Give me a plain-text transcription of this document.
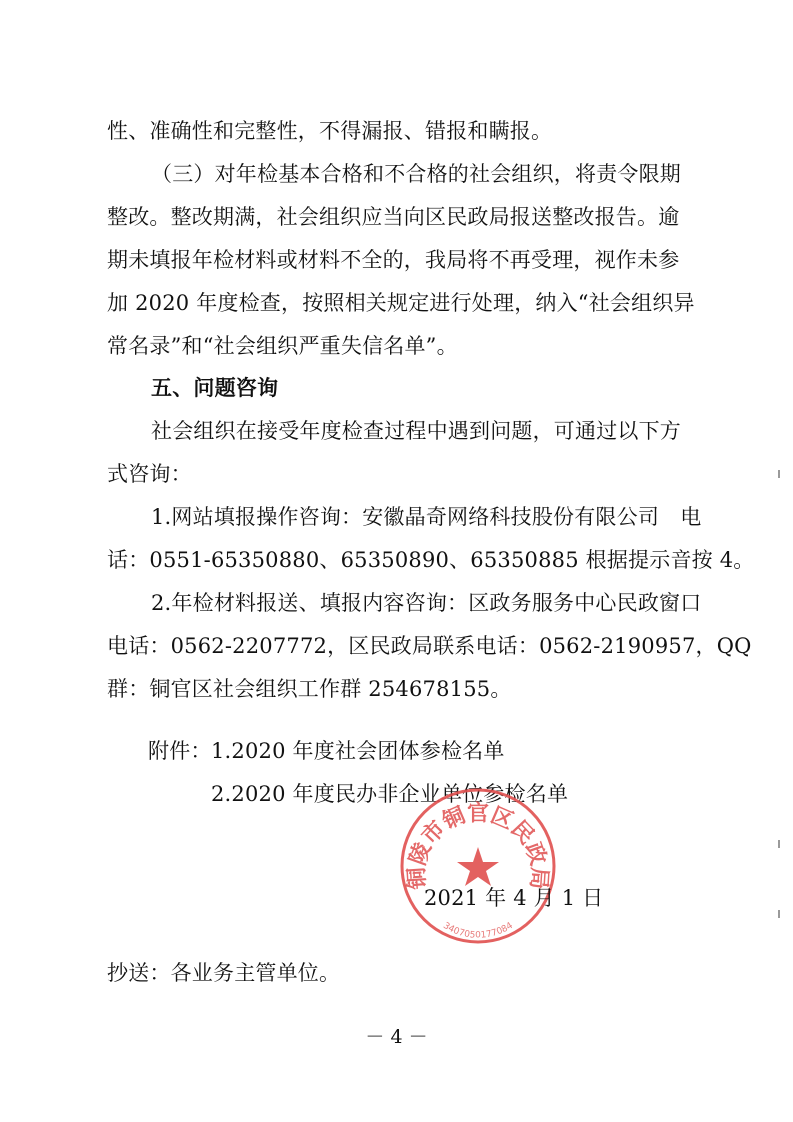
性、准确性和完整性，不得漏报、错报和瞒报。
（三）对年检基本合格和不合格的社会组织，将责令限期
整改。整改期满，社会组织应当向区民政局报送整改报告。逾
期未填报年检材料或材料不全的，我局将不再受理，视作未参
加 2020 年度检查，按照相关规定进行处理，纳入“社会组织异
常名录”和“社会组织严重失信名单”。
五、问题咨询
社会组织在接受年度检查过程中遇到问题，可通过以下方
式咨询：
1.网站填报操作咨询：安徽晶奇网络科技股份有限公司　电
话：0551-65350880、65350890、65350885 根据提示音按 4。
2.年检材料报送、填报内容咨询：区政务服务中心民政窗口
电话：0562-2207772，区民政局联系电话：0562-2190957，QQ
群：铜官区社会组织工作群 254678155。
附件： 1.2020 年度社会团体参检名单
2.2020 年度民办非企业单位参检名单
铜陵市铜官区民政局
3407050177084
2021 年 4 月 1 日
抄送：各业务主管单位。
－ 4 －
